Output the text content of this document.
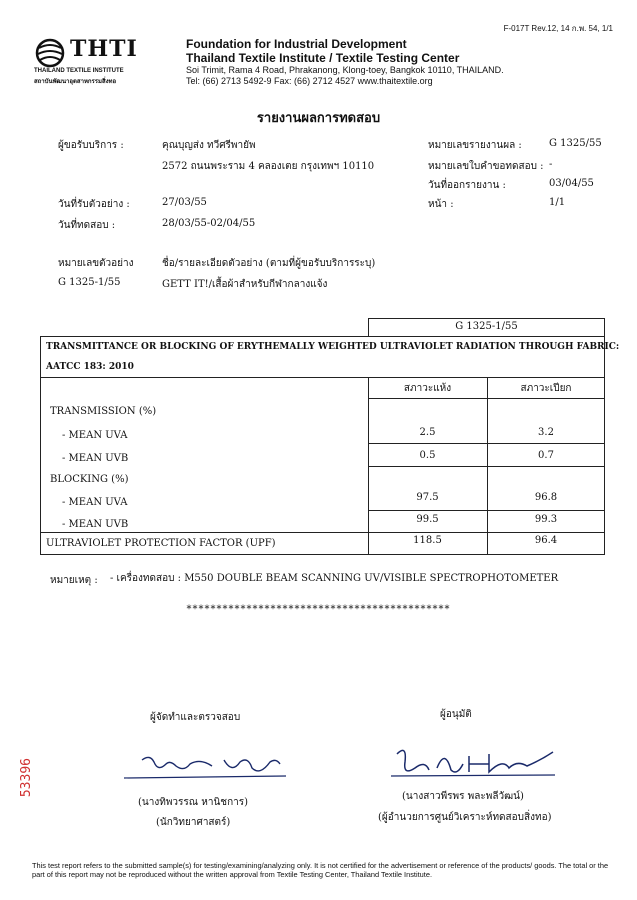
F-017T Rev.12, 14 ก.พ. 54, 1/1
THTI
THAILAND TEXTILE INSTITUTE
สถาบันพัฒนาอุตสาหกรรมสิ่งทอ
Foundation for Industrial Development
Thailand Textile Institute / Textile Testing Center
Soi Trimit, Rama 4 Road, Phrakanong, Klong-toey, Bangkok 10110, THAILAND.
Tel: (66) 2713 5492-9 Fax: (66) 2712 4527 www.thaitextile.org
รายงานผลการทดสอบ
ผู้ขอรับบริการ :	คุณบุญส่ง ทวีศรีพายัพ
2572 ถนนพระราม 4 คลองเตย กรุงเทพฯ 10110
วันที่รับตัวอย่าง :	27/03/55
วันที่ทดสอบ :	28/03/55-02/04/55
หมายเลขรายงานผล :	G 1325/55
หมายเลขใบคำขอทดสอบ : -
วันที่ออกรายงาน :	03/04/55
หน้า :	1/1
หมายเลขตัวอย่าง	ชื่อ/รายละเอียดตัวอย่าง (ตามที่ผู้ขอรับบริการระบุ)
G 1325-1/55	GETT IT!/เสื้อผ้าสำหรับกีฬากลางแจ้ง
G 1325-1/55
TRANSMITTANCE OR BLOCKING OF ERYTHEMALLY WEIGHTED ULTRAVIOLET RADIATION THROUGH FABRIC:
AATCC 183: 2010
สภาวะแห้ง	สภาวะเปียก
TRANSMISSION (%)
- MEAN UVA	2.5	3.2
- MEAN UVB	0.5	0.7
BLOCKING (%)
- MEAN UVA	97.5	96.8
- MEAN UVB	99.5	99.3
ULTRAVIOLET PROTECTION FACTOR (UPF)	118.5	96.4
หมายเหตุ : - เครื่องทดสอบ : M550 DOUBLE BEAM SCANNING UV/VISIBLE SPECTROPHOTOMETER
********************************************
ผู้จัดทำและตรวจสอบ	ผู้อนุมัติ
(นางทิพวรรณ หานิชการ)
(นักวิทยาศาสตร์)
(นางสาวพีรพร พละพลีวัฒน์)
(ผู้อำนวยการศูนย์วิเคราะห์ทดสอบสิ่งทอ)
53396
This test report refers to the submitted sample(s) for testing/examining/analyzing only. It is not certified for the advertisement or reference of the products/ goods. The total or the part of this report may not be reproduced without the written approval from Textile Testing Center, Thailand Textile Institute.
